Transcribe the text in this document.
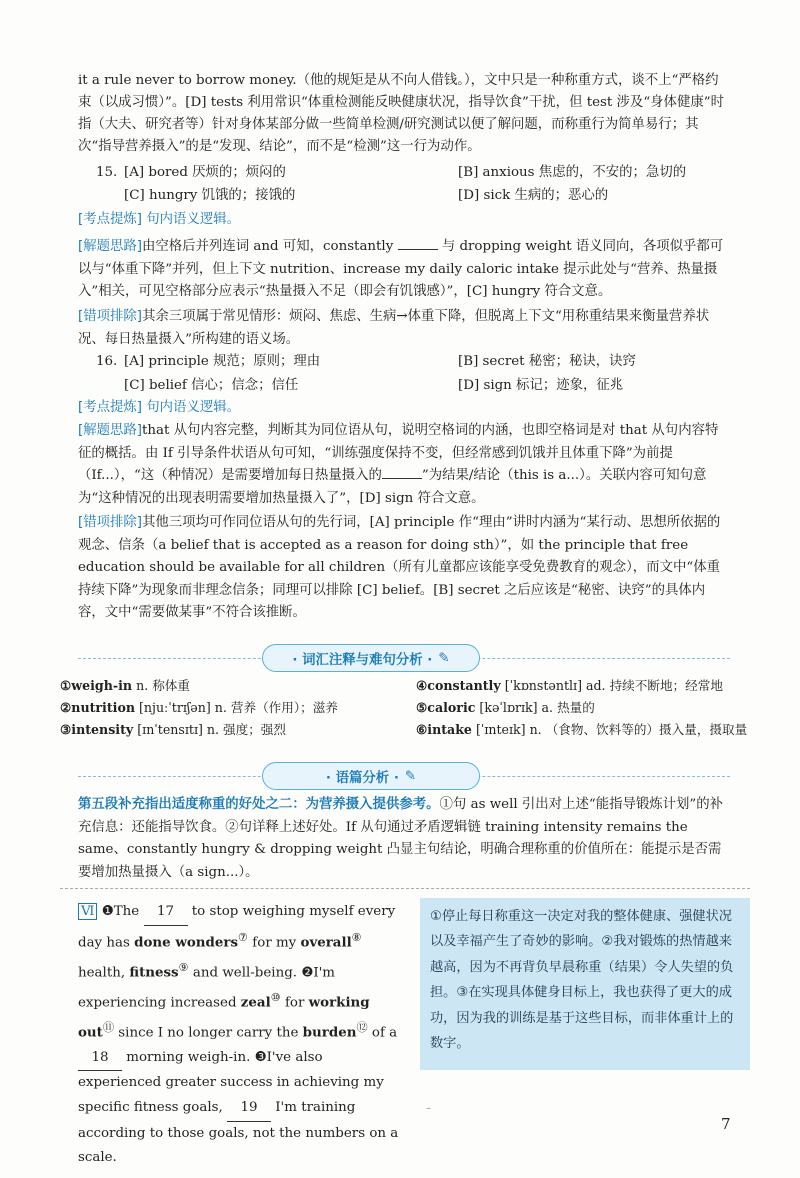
it a rule never to borrow money.（他的规矩是从不向人借钱。），文中只是一种称重方式，谈不上“严格约束（以成习惯）”。[D] tests 利用常识“体重检测能反映健康状况，指导饮食”干扰，但 test 涉及“身体健康”时指（大夫、研究者等）针对身体某部分做一些简单检测/研究测试以便了解问题，而称重行为简单易行；其次“指导营养摄入”的是“发现、结论”，而不是“检测”这一行为动作。
15. [A] bored 厌烦的；烦闷的	[B] anxious 焦虑的，不安的；急切的
[C] hungry 饥饿的；接饿的	[D] sick 生病的；恶心的
[考点提炼] 句内语义逻辑。
[解题思路]由空格后并列连词 and 可知，constantly	与 dropping weight 语义同向，各项似乎都可以与“体重下降”并列，但上下文 nutrition、increase my daily caloric intake 提示此处与“营养、热量摄入”相关，可见空格部分应表示“热量摄入不足（即会有饥饿感）”，[C] hungry 符合文意。
[错项排除]其余三项属于常见情形：烦闷、焦虑、生病→体重下降，但脱离上下文“用称重结果来衡量营养状况、每日热量摄入”所构建的语义场。
16. [A] principle 规范；原则；理由	[B] secret 秘密；秘诀，诀窍
[C] belief 信心；信念；信任	[D] sign 标记；迹象，征兆
[考点提炼] 句内语义逻辑。
[解题思路]that 从句内容完整，判断其为同位语从句，说明空格词的内涵，也即空格词是对 that 从句内容特征的概括。由 If 引导条件状语从句可知，“训练强度保持不变，但经常感到饥饿并且体重下降”为前提（If...），“这（种情况）是需要增加每日热量摄入的	”为结果/结论（this is a...）。关联内容可知句意为“这种情况的出现表明需要增加热量摄入了”，[D] sign 符合文意。
[错项排除]其他三项均可作同位语从句的先行词，[A] principle 作“理由”讲时内涵为“某行动、思想所依据的观念、信条（a belief that is accepted as a reason for doing sth）”，如 the principle that free education should be available for all children（所有儿童都应该能享受免费教育的观念），而文中“体重持续下降”为现象而非理念信条；同理可以排除 [C] belief。[B] secret 之后应该是“秘密、诀窍”的具体内容，文中“需要做某事”不符合该推断。
· 词汇注释与难句分析 · ✎
①weigh-in n. 称体重
②nutrition [njuːˈtrɪʃən] n. 营养（作用）；滋养
③intensity [ɪnˈtensɪtɪ] n. 强度；强烈
④constantly [ˈkɒnstəntlɪ] ad. 持续不断地；经常地
⑤caloric [kəˈlɒrɪk] a. 热量的
⑥intake [ˈɪnteɪk] n. （食物、饮料等的）摄入量，摄取量
· 语篇分析 · ✎
第五段补充指出适度称重的好处之二：为营养摄入提供参考。①句 as well 引出对上述“能指导锻炼计划”的补充信息：还能指导饮食。②句详释上述好处。If 从句通过矛盾逻辑链 training intensity remains the same、constantly hungry & dropping weight 凸显主句结论，明确合理称重的价值所在：能提示是否需要增加热量摄入（a sign...）。
Ⅵ ❶The 17 to stop weighing myself every day has done wonders⑦ for my overall⑧ health, fitness⑨ and well-being. ❷I'm experiencing increased zeal⑩ for working out⑪ since I no longer carry the burden⑫ of a 18 morning weigh-in. ❸I've also experienced greater success in achieving my specific fitness goals, 19 I'm training according to those goals, not the numbers on a scale.
①停止每日称重这一决定对我的整体健康、强健状况以及幸福产生了奇妙的影响。②我对锻炼的热情越来越高，因为不再背负早晨称重（结果）令人失望的负担。③在实现具体健身目标上，我也获得了更大的成功，因为我的训练是基于这些目标，而非体重计上的数字。
–
7
